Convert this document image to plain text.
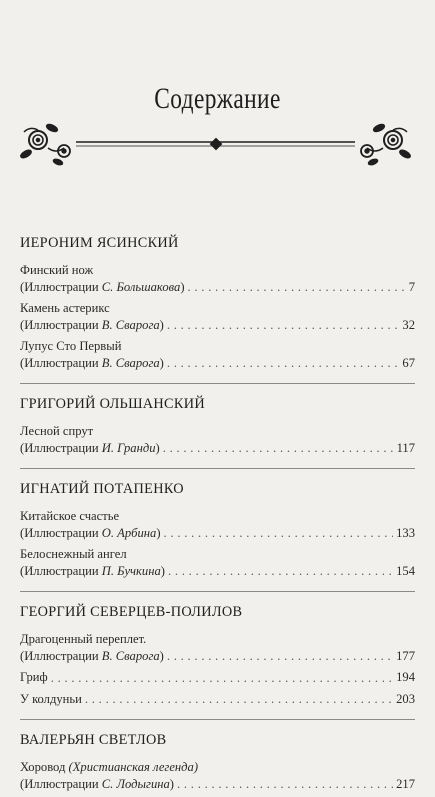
Содержание
ИЕРОНИМ ЯСИНСКИЙ
Финский нож
(Иллюстрации С. Большакова) . . .	7
Камень астерикс
(Иллюстрации В. Сварога) . . .	32
Лупус Сто Первый
(Иллюстрации В. Сварога) . . .	67
ГРИГОРИЙ ОЛЬШАНСКИЙ
Лесной спрут
(Иллюстрации И. Гранди) . . .	117
ИГНАТИЙ ПОТАПЕНКО
Китайское счастье
(Иллюстрации О. Арбина) . . .	133
Белоснежный ангел
(Иллюстрации П. Бучкина) . . .	154
ГЕОРГИЙ СЕВЕРЦЕВ-ПОЛИЛОВ
Драгоценный переплет.
(Иллюстрации В. Сварога) . . .	177
Гриф . . .	194
У колдуньи . . .	203
ВАЛЕРЬЯН СВЕТЛОВ
Хоровод (Христианская легенда)
(Иллюстрации С. Лодыгина) . . .	217
